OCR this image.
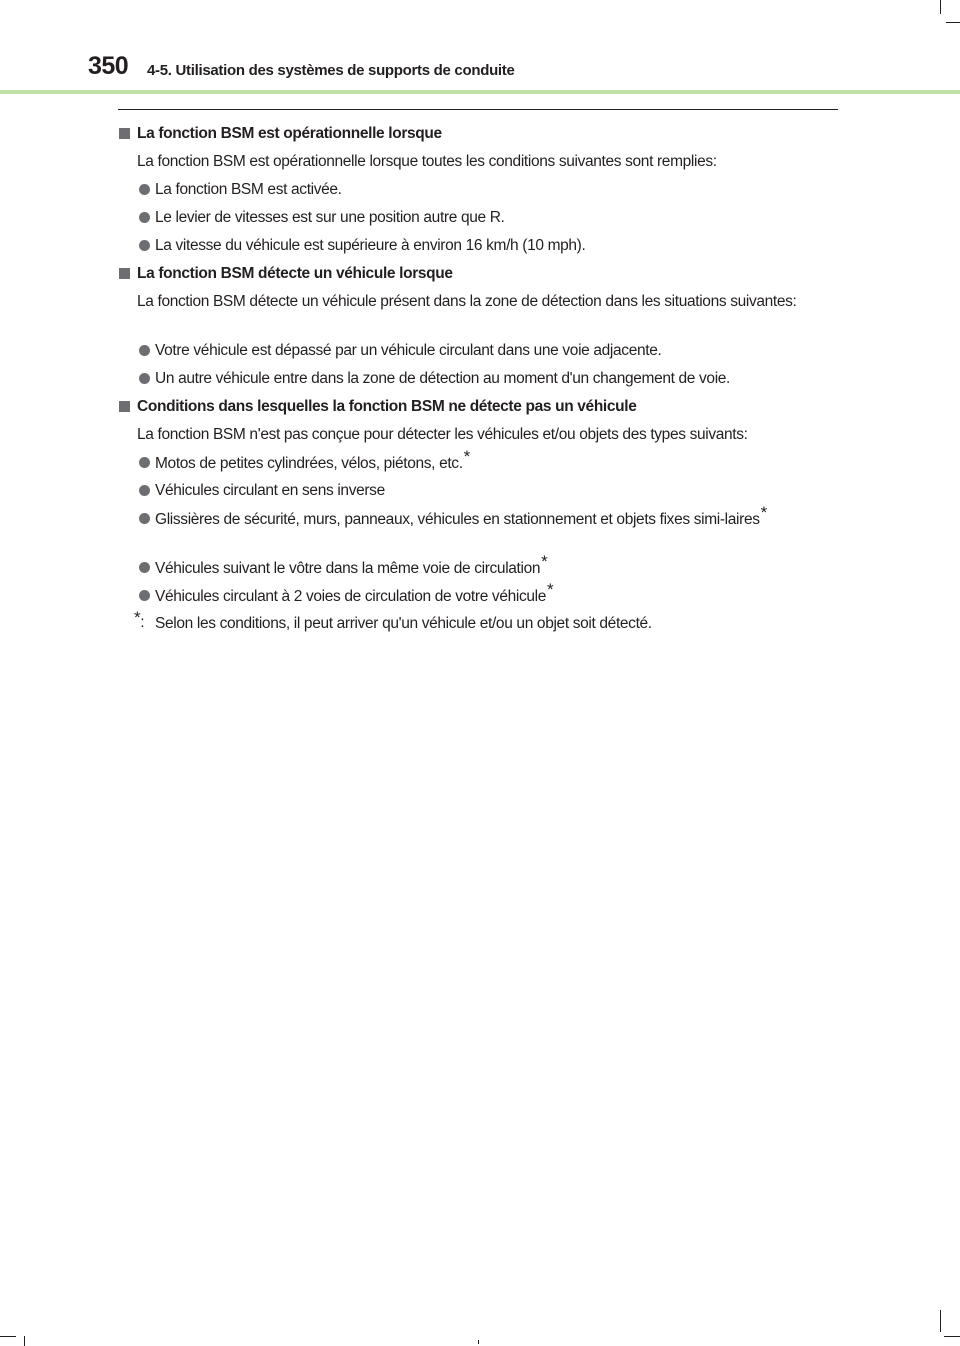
350 4-5. Utilisation des systèmes de supports de conduite
La fonction BSM est opérationnelle lorsque

La fonction BSM est opérationnelle lorsque toutes les conditions suivantes sont remplies:

La fonction BSM est activée.
Le levier de vitesses est sur une position autre que R.
La vitesse du véhicule est supérieure à environ 16 km/h (10 mph).
La fonction BSM détecte un véhicule lorsque

La fonction BSM détecte un véhicule présent dans la zone de détection dans les situations suivantes:

Votre véhicule est dépassé par un véhicule circulant dans une voie adjacente.
Un autre véhicule entre dans la zone de détection au moment d'un changement de voie.
Conditions dans lesquelles la fonction BSM ne détecte pas un véhicule

La fonction BSM n'est pas conçue pour détecter les véhicules et/ou objets des types suivants:

Motos de petites cylindrées, vélos, piétons, etc.*
Véhicules circulant en sens inverse
Glissières de sécurité, murs, panneaux, véhicules en stationnement et objets fixes simi-laires*
Véhicules suivant le vôtre dans la même voie de circulation*
Véhicules circulant à 2 voies de circulation de votre véhicule*
*: Selon les conditions, il peut arriver qu'un véhicule et/ou un objet soit détecté.
